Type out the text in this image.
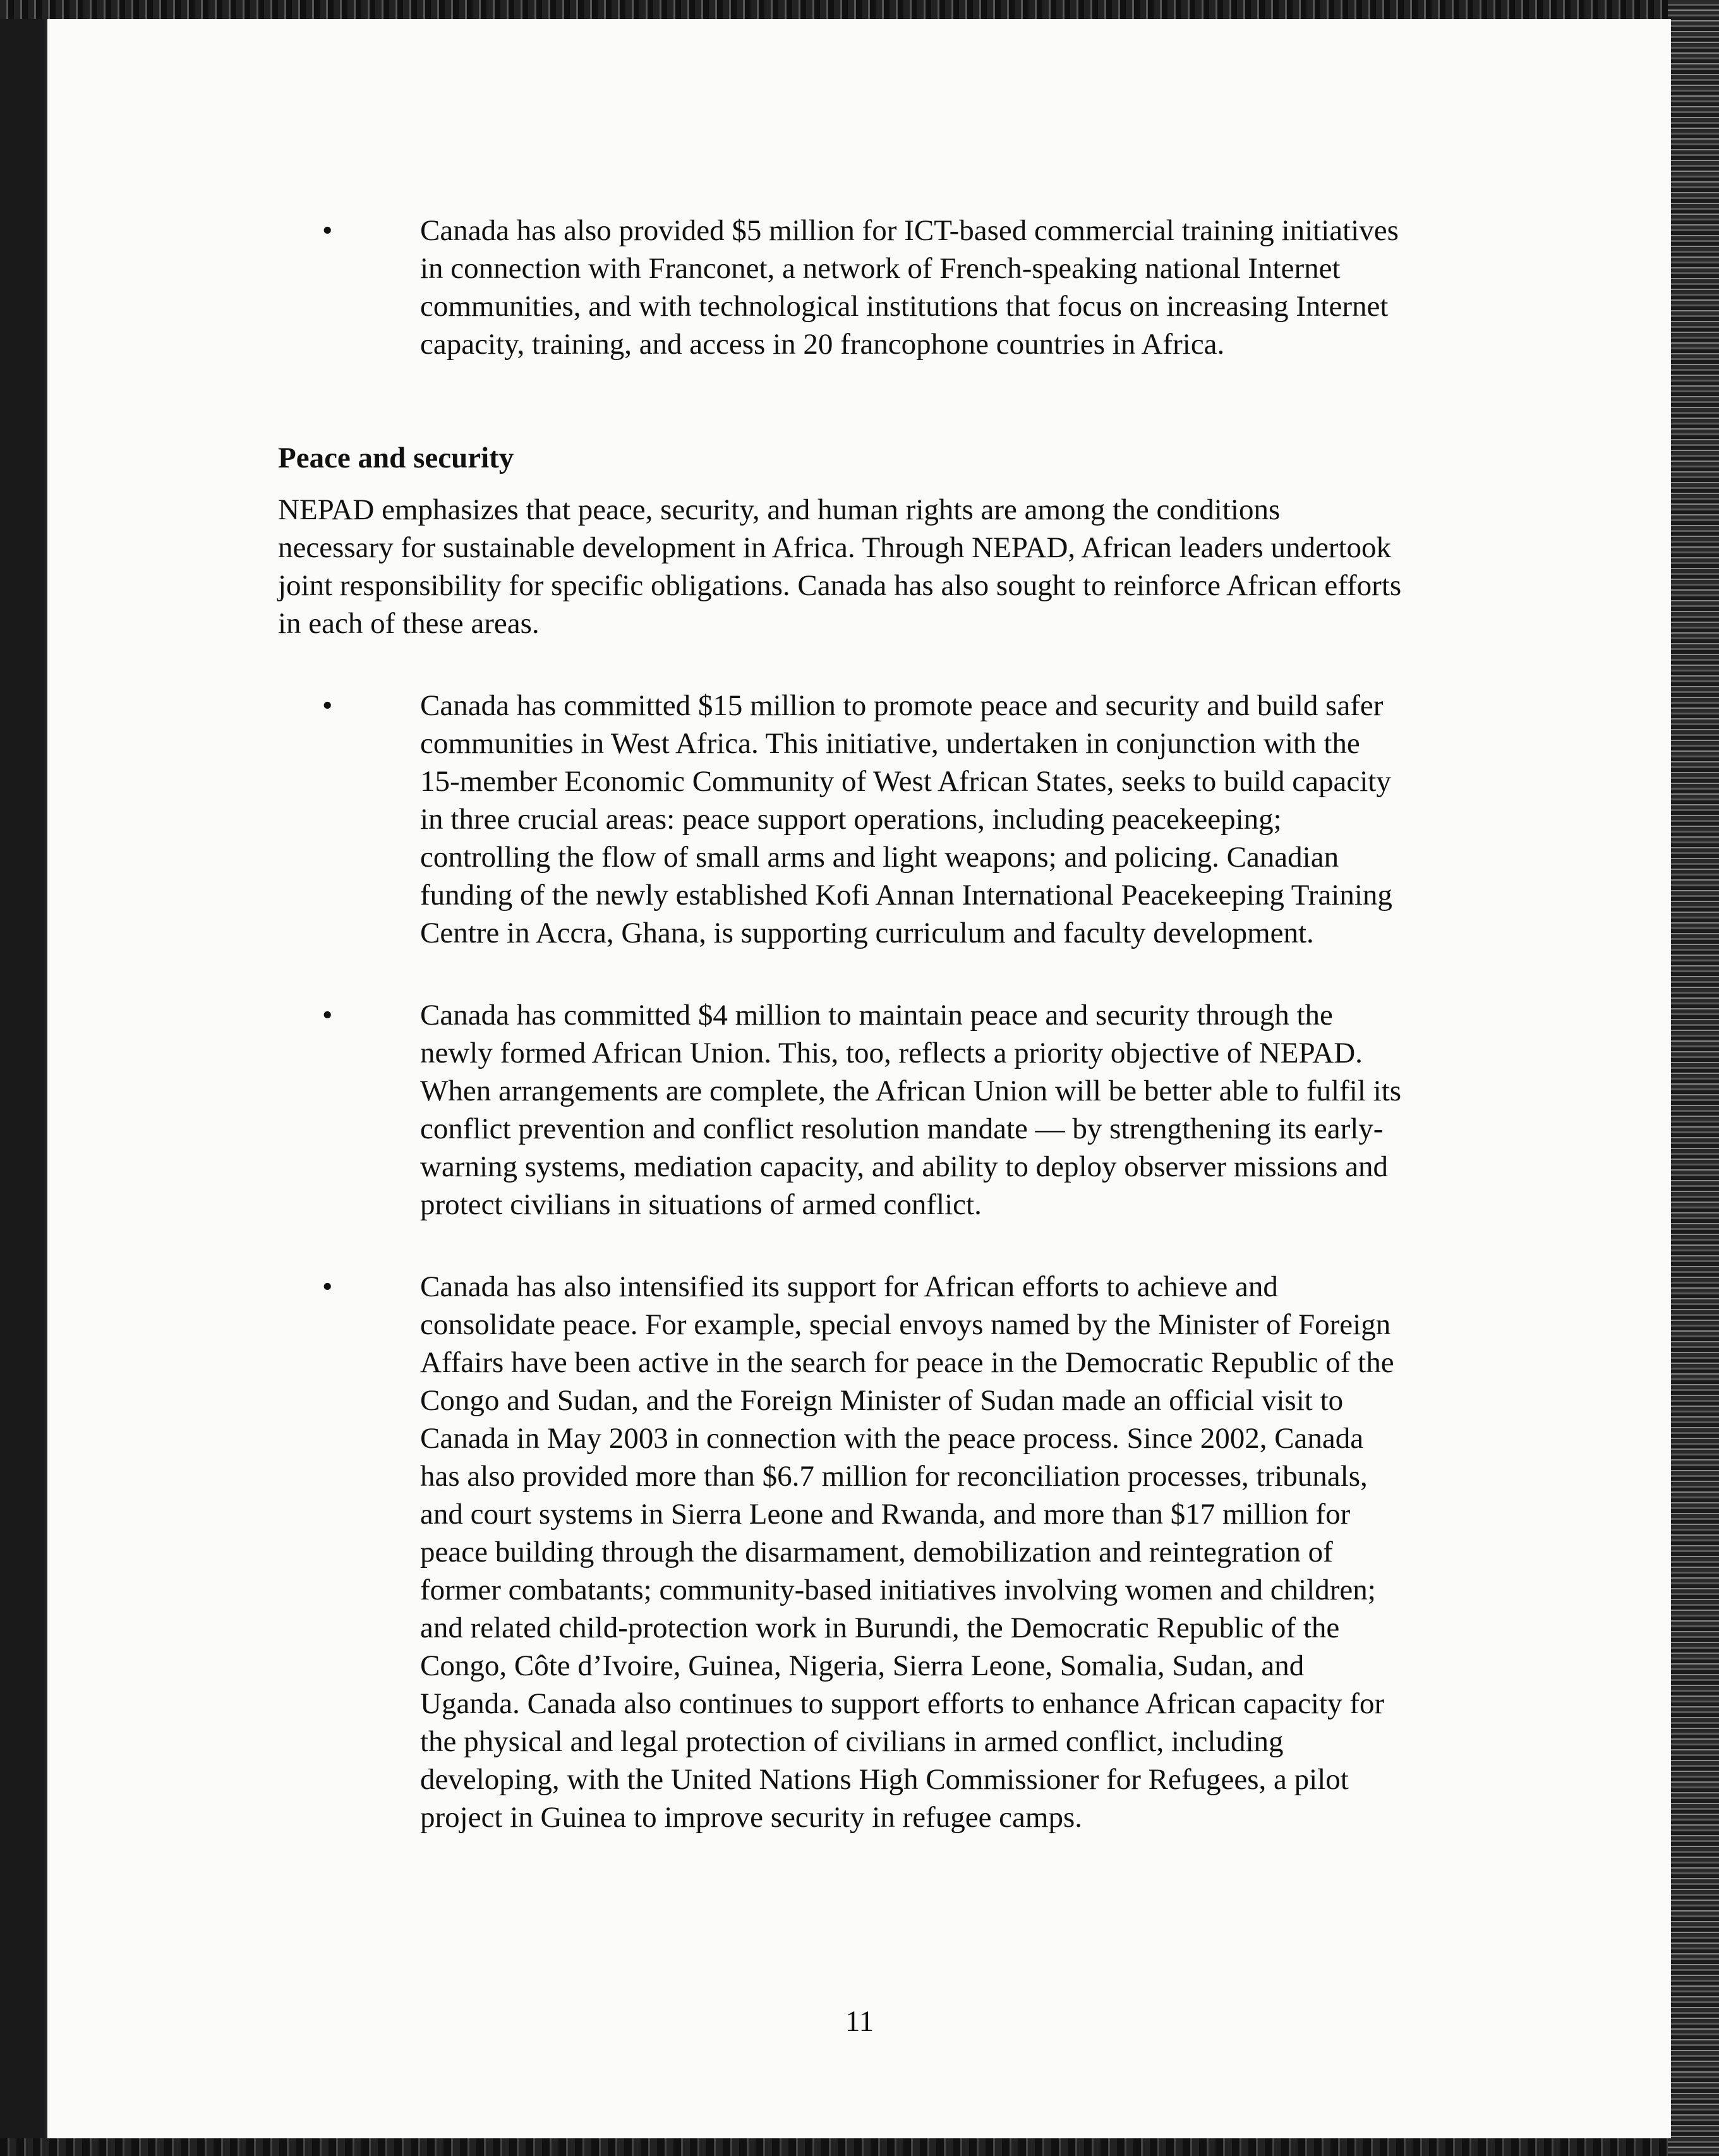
•	Canada has also provided $5 million for ICT-based commercial training initiatives in connection with Franconet, a network of French-speaking national Internet communities, and with technological institutions that focus on increasing Internet capacity, training, and access in 20 francophone countries in Africa.

Peace and security

NEPAD emphasizes that peace, security, and human rights are among the conditions necessary for sustainable development in Africa. Through NEPAD, African leaders undertook joint responsibility for specific obligations. Canada has also sought to reinforce African efforts in each of these areas.

•	Canada has committed $15 million to promote peace and security and build safer communities in West Africa. This initiative, undertaken in conjunction with the 15-member Economic Community of West African States, seeks to build capacity in three crucial areas: peace support operations, including peacekeeping; controlling the flow of small arms and light weapons; and policing. Canadian funding of the newly established Kofi Annan International Peacekeeping Training Centre in Accra, Ghana, is supporting curriculum and faculty development.

•	Canada has committed $4 million to maintain peace and security through the newly formed African Union. This, too, reflects a priority objective of NEPAD. When arrangements are complete, the African Union will be better able to fulfil its conflict prevention and conflict resolution mandate — by strengthening its early-warning systems, mediation capacity, and ability to deploy observer missions and protect civilians in situations of armed conflict.

•	Canada has also intensified its support for African efforts to achieve and consolidate peace. For example, special envoys named by the Minister of Foreign Affairs have been active in the search for peace in the Democratic Republic of the Congo and Sudan, and the Foreign Minister of Sudan made an official visit to Canada in May 2003 in connection with the peace process. Since 2002, Canada has also provided more than $6.7 million for reconciliation processes, tribunals, and court systems in Sierra Leone and Rwanda, and more than $17 million for peace building through the disarmament, demobilization and reintegration of former combatants; community-based initiatives involving women and children; and related child-protection work in Burundi, the Democratic Republic of the Congo, Côte d’Ivoire, Guinea, Nigeria, Sierra Leone, Somalia, Sudan, and Uganda. Canada also continues to support efforts to enhance African capacity for the physical and legal protection of civilians in armed conflict, including developing, with the United Nations High Commissioner for Refugees, a pilot project in Guinea to improve security in refugee camps.

11
